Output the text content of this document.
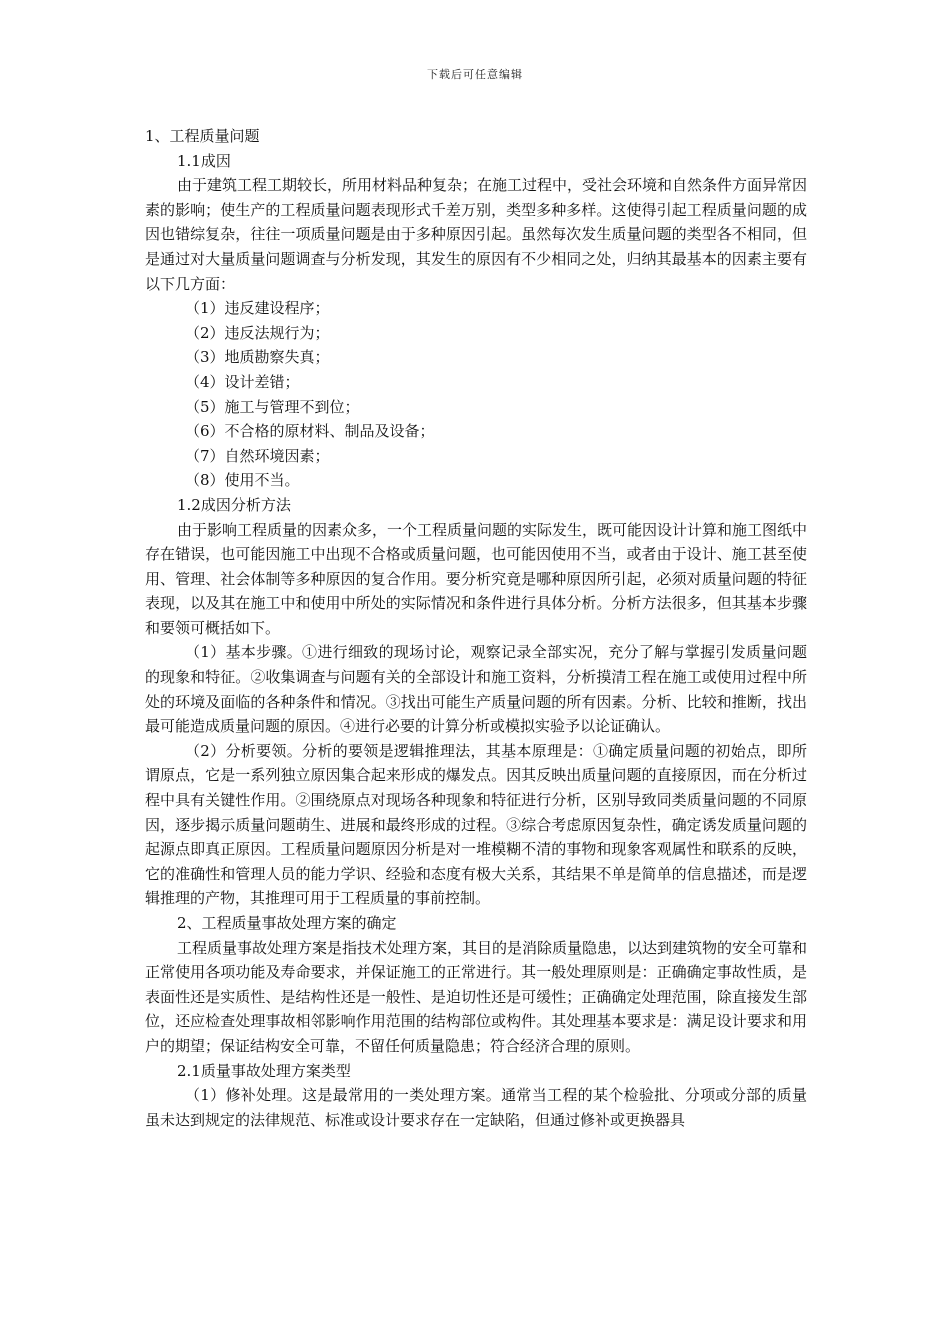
下载后可任意编辑

1、工程质量问题

1.1成因

由于建筑工程工期较长，所用材料品种复杂；在施工过程中，受社会环境和自然条件方面异常因素的影响；使生产的工程质量问题表现形式千差万别，类型多种多样。这使得引起工程质量问题的成因也错综复杂，往往一项质量问题是由于多种原因引起。虽然每次发生质量问题的类型各不相同，但是通过对大量质量问题调查与分析发现，其发生的原因有不少相同之处，归纳其最基本的因素主要有以下几方面：

（1）违反建设程序；

（2）违反法规行为；

（3）地质勘察失真；

（4）设计差错；

（5）施工与管理不到位；

（6）不合格的原材料、制品及设备；

（7）自然环境因素；

（8）使用不当。

1.2成因分析方法

由于影响工程质量的因素众多，一个工程质量问题的实际发生，既可能因设计计算和施工图纸中存在错误，也可能因施工中出现不合格或质量问题，也可能因使用不当，或者由于设计、施工甚至使用、管理、社会体制等多种原因的复合作用。要分析究竟是哪种原因所引起，必须对质量问题的特征表现，以及其在施工中和使用中所处的实际情况和条件进行具体分析。分析方法很多，但其基本步骤和要领可概括如下。

（1）基本步骤。①进行细致的现场讨论，观察记录全部实况，充分了解与掌握引发质量问题的现象和特征。②收集调查与问题有关的全部设计和施工资料，分析摸清工程在施工或使用过程中所处的环境及面临的各种条件和情况。③找出可能生产质量问题的所有因素。分析、比较和推断，找出最可能造成质量问题的原因。④进行必要的计算分析或模拟实验予以论证确认。

（2）分析要领。分析的要领是逻辑推理法，其基本原理是：①确定质量问题的初始点，即所谓原点，它是一系列独立原因集合起来形成的爆发点。因其反映出质量问题的直接原因，而在分析过程中具有关键性作用。②围绕原点对现场各种现象和特征进行分析，区别导致同类质量问题的不同原因，逐步揭示质量问题萌生、进展和最终形成的过程。③综合考虑原因复杂性，确定诱发质量问题的起源点即真正原因。工程质量问题原因分析是对一堆模糊不清的事物和现象客观属性和联系的反映，它的准确性和管理人员的能力学识、经验和态度有极大关系，其结果不单是简单的信息描述，而是逻辑推理的产物，其推理可用于工程质量的事前控制。

2、工程质量事故处理方案的确定

工程质量事故处理方案是指技术处理方案，其目的是消除质量隐患，以达到建筑物的安全可靠和正常使用各项功能及寿命要求，并保证施工的正常进行。其一般处理原则是：正确确定事故性质，是表面性还是实质性、是结构性还是一般性、是迫切性还是可缓性；正确确定处理范围，除直接发生部位，还应检查处理事故相邻影响作用范围的结构部位或构件。其处理基本要求是：满足设计要求和用户的期望；保证结构安全可靠，不留任何质量隐患；符合经济合理的原则。

2.1质量事故处理方案类型

（1）修补处理。这是最常用的一类处理方案。通常当工程的某个检验批、分项或分部的质量虽未达到规定的法律规范、标准或设计要求存在一定缺陷，但通过修补或更换器具
